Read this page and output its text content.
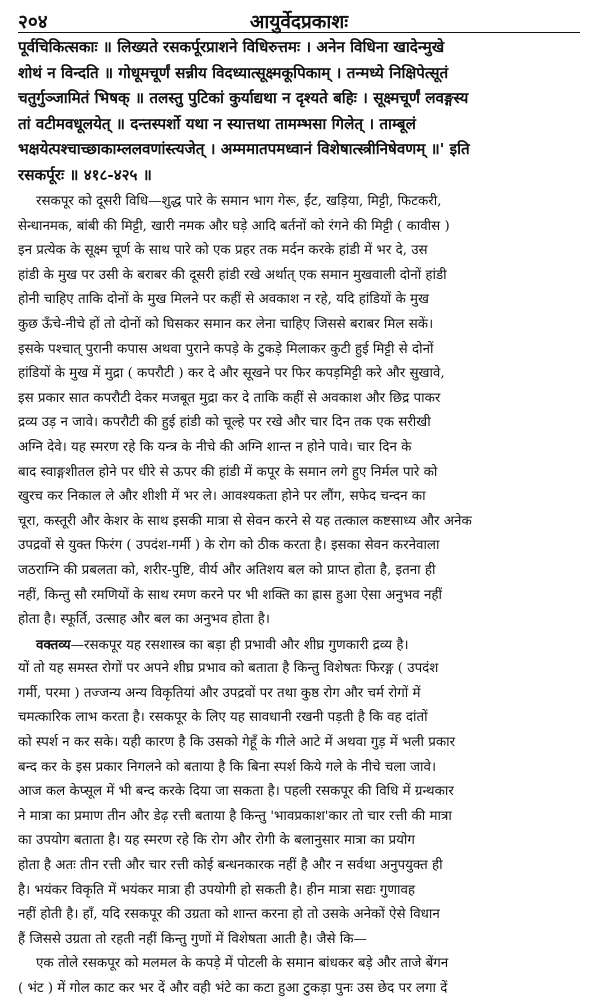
२०४	आयुर्वेदप्रकाशः
पूर्वचिकित्सकाः ॥ लिख्यते रसकर्पूरप्राशने विधिरुत्तमः । अनेन विधिना खादेन्मुखे
शोथं न विन्दति ॥ गोधूमचूर्णं सन्नीय विदध्यात्सूक्ष्मकूपिकाम् । तन्मध्ये निक्षिपेत्सूतं
चतुर्गुञ्जामितं भिषक् ॥ तलस्तु पुटिकां कुर्याद्यथा न दृश्यते बहिः । सूक्ष्मचूर्णं लवङ्गस्य
तां वटीमवधूलयेत् ॥ दन्तस्पर्शो यथा न स्यात्तथा तामम्भसा गिलेत् । ताम्बूलं
भक्षयेत्पश्चाच्छाकाम्ललवणांस्त्यजेत् । अम्ममातपमध्वानं विशेषात्स्त्रीनिषेवणम् ॥' इति
रसकर्पूरः ॥ ४१८-४२५ ॥
रसकपूर को दूसरी विधि—शुद्ध पारे के समान भाग गेरू, ईंट, खड़िया, मिट्टी, फिटकरी,
सेन्धानमक, बांबी की मिट्टी, खारी नमक और घड़े आदि बर्तनों को रंगने की मिट्टी ( कावीस )
इन प्रत्येक के सूक्ष्म चूर्ण के साथ पारे को एक प्रहर तक मर्दन करके हांडी में भर दे, उस
हांडी के मुख पर उसी के बराबर की दूसरी हांडी रखे अर्थात् एक समान मुखवाली दोनों हांडी
होनी चाहिए ताकि दोनों के मुख मिलने पर कहीं से अवकाश न रहे, यदि हांडियों के मुख
कुछ ऊँचे-नीचे हों तो दोनों को घिसकर समान कर लेना चाहिए जिससे बराबर मिल सकें।
इसके पश्चात् पुरानी कपास अथवा पुराने कपड़े के टुकड़े मिलाकर कुटी हुई मिट्टी से दोनों
हांडियों के मुख में मुद्रा ( कपरौटी ) कर दे और सूखने पर फिर कपड़मिट्टी करे और सुखावे,
इस प्रकार सात कपरौटी देकर मजबूत मुद्रा कर दे ताकि कहीं से अवकाश और छिद्र पाकर
द्रव्य उड़ न जावे। कपरौटी की हुई हांडी को चूल्हे पर रखे और चार दिन तक एक सरीखी
अग्नि देवे। यह स्मरण रहे कि यन्त्र के नीचे की अग्नि शान्त न होने पावे। चार दिन के
बाद स्वाङ्गशीतल होने पर धीरे से ऊपर की हांडी में कपूर के समान लगे हुए निर्मल पारे को
खुरच कर निकाल ले और शीशी में भर ले। आवश्यकता होने पर लौंग, सफेद चन्दन का
चूरा, कस्तूरी और केशर के साथ इसकी मात्रा से सेवन करने से यह तत्काल कष्टसाध्य और अनेक
उपद्रवों से युक्त फिरंग ( उपदंश-गर्मी ) के रोग को ठीक करता है। इसका सेवन करनेवाला
जठराग्नि की प्रबलता को, शरीर-पुष्टि, वीर्य और अतिशय बल को प्राप्त होता है, इतना ही
नहीं, किन्तु सौ रमणियों के साथ रमण करने पर भी शक्ति का ह्रास हुआ ऐसा अनुभव नहीं
होता है। स्फूर्ति, उत्साह और बल का अनुभव होता है।
वक्तव्य—रसकपूर यह रसशास्त्र का बड़ा ही प्रभावी और शीघ्र गुणकारी द्रव्य है।
यों तो यह समस्त रोगों पर अपने शीघ्र प्रभाव को बताता है किन्तु विशेषतः फिरङ्ग ( उपदंश
गर्मी, परमा ) तज्जन्य अन्य विकृतियां और उपद्रवों पर तथा कुष्ठ रोग और चर्म रोगों में
चमत्कारिक लाभ करता है। रसकपूर के लिए यह सावधानी रखनी पड़ती है कि वह दांतों
को स्पर्श न कर सके। यही कारण है कि उसको गेहूँ के गीले आटे में अथवा गुड़ में भली प्रकार
बन्द कर के इस प्रकार निगलने को बताया है कि बिना स्पर्श किये गले के नीचे चला जावे।
आज कल केप्सूल में भी बन्द करके दिया जा सकता है। पहली रसकपूर की विधि में ग्रन्थकार
ने मात्रा का प्रमाण तीन और डेढ़ रत्ती बताया है किन्तु 'भावप्रकाश'कार तो चार रत्ती की मात्रा
का उपयोग बताता है। यह स्मरण रहे कि रोग और रोगी के बलानुसार मात्रा का प्रयोग
होता है अतः तीन रत्ती और चार रत्ती कोई बन्धनकारक नहीं है और न सर्वथा अनुपयुक्त ही
है। भयंकर विकृति में भयंकर मात्रा ही उपयोगी हो सकती है। हीन मात्रा सद्यः गुणावह
नहीं होती है। हाँ, यदि रसकपूर की उग्रता को शान्त करना हो तो उसके अनेकों ऐसे विधान
हैं जिससे उग्रता तो रहती नहीं किन्तु गुणों में विशेषता आती है। जैसे कि—
एक तोले रसकपूर को मलमल के कपड़े में पोटली के समान बांधकर बड़े और ताजे बेंगन
( भंट ) में गोल काट कर भर दें और वही भंटे का कटा हुआ टुकड़ा पुनः उस छेद पर लगा दें
